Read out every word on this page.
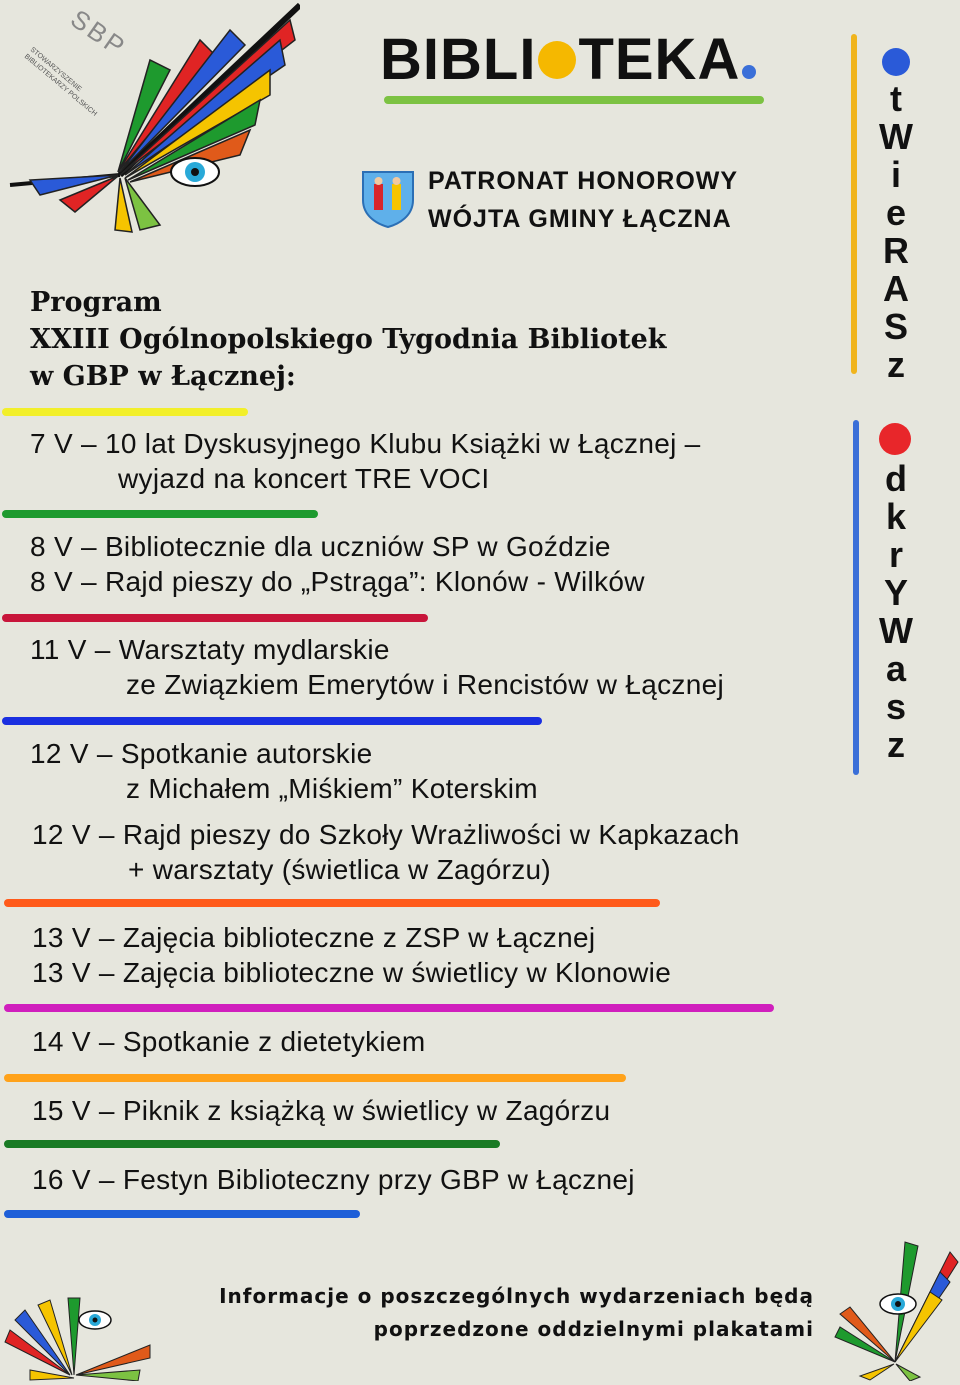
SBP
STOWARZYSZENIE BIBLIOTEKARZY POLSKICH	BIBLI TEKA
PATRONAT HONOROWY
WÓJTA GMINY ŁĄCZNA
Program
XXIII Ogólnopolskiego Tygodnia Bibliotek
w GBP w Łącznej:
7 V – 10 lat Dyskusyjnego Klubu Książki w Łącznej –
wyjazd na koncert TRE VOCI
8 V – Bibliotecznie dla uczniów SP w Goździe
8 V – Rajd pieszy do „Pstrąga”: Klonów - Wilków
11 V – Warsztaty mydlarskie
ze Związkiem Emerytów i Rencistów w Łącznej
12 V – Spotkanie autorskie
z Michałem „Miśkiem” Koterskim
12 V – Rajd pieszy do Szkoły Wrażliwości w Kapkazach
+ warsztaty (świetlica w Zagórzu)
13 V – Zajęcia biblioteczne z ZSP w Łącznej
13 V – Zajęcia biblioteczne w świetlicy w Klonowie
14 V – Spotkanie z dietetykiem
15 V – Piknik z książką w świetlicy w Zagórzu
16 V – Festyn Biblioteczny przy GBP w Łącznej
t
W
i
e
R
A
S
z
d
k
r
Y
W
a
s
z
Informacje o poszczególnych wydarzeniach będą
poprzedzone oddzielnymi plakatami
